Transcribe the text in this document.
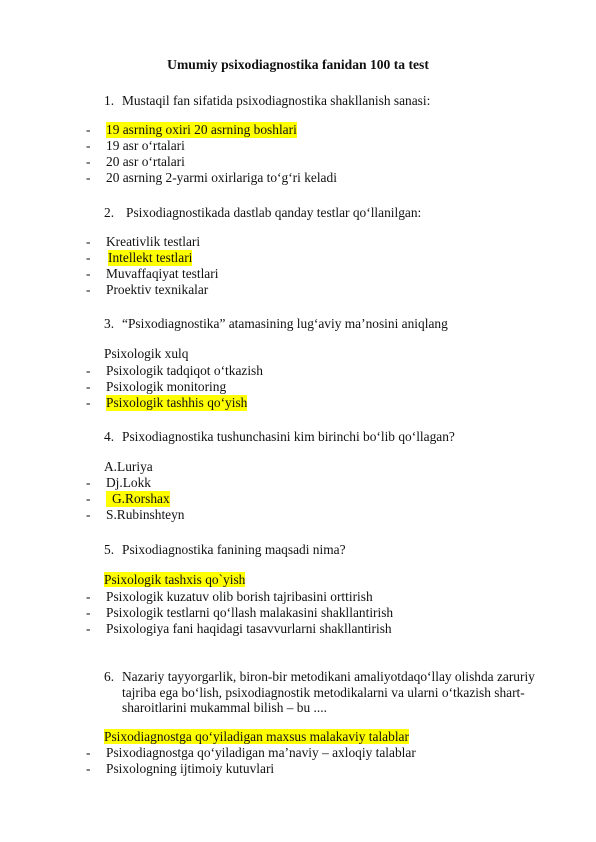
Umumiy psixodiagnostika fanidan 100 ta test
1. Mustaqil fan sifatida psixodiagnostika shakllanish sanasi:
-	19 asrning oxiri 20 asrning boshlari
-	19 asr o‘rtalari
-	20 asr o‘rtalari
-	20 asrning 2-yarmi oxirlariga to‘g‘ri keladi
2. Psixodiagnostikada dastlab qanday testlar qo‘llanilgan:
-	Kreativlik testlari
-	Intellekt testlari
-	Muvaffaqiyat testlari
-	Proektiv texnikalar
3. “Psixodiagnostika” atamasining lug‘aviy ma’nosini aniqlang
Psixologik xulq
-	Psixologik tadqiqot o‘tkazish
-	Psixologik monitoring
-	Psixologik tashhis qo‘yish
4. Psixodiagnostika tushunchasini kim birinchi bo‘lib qo‘llagan?
A.Luriya
-	Dj.Lokk
-	G.Rorshax
-	S.Rubinshteyn
5. Psixodiagnostika fanining maqsadi nima?
Psixologik tashxis qo`yish
-	Psixologik kuzatuv olib borish tajribasini orttirish
-	Psixologik testlarni qo‘llash malakasini shakllantirish
-	Psixologiya fani haqidagi tasavvurlarni shakllantirish
6. Nazariy tayyorgarlik, biron-bir metodikani amaliyotdaqo‘llay olishda zaruriy tajriba ega bo‘lish, psixodiagnostik metodikalarni va ularni o‘tkazish shart-sharoitlarini mukammal bilish – bu ....
Psixodiagnostga qo‘yiladigan maxsus malakaviy talablar
-	Psixodiagnostga qo‘yiladigan ma’naviy – axloqiy talablar
-	Psixologning ijtimoiy kutuvlari
